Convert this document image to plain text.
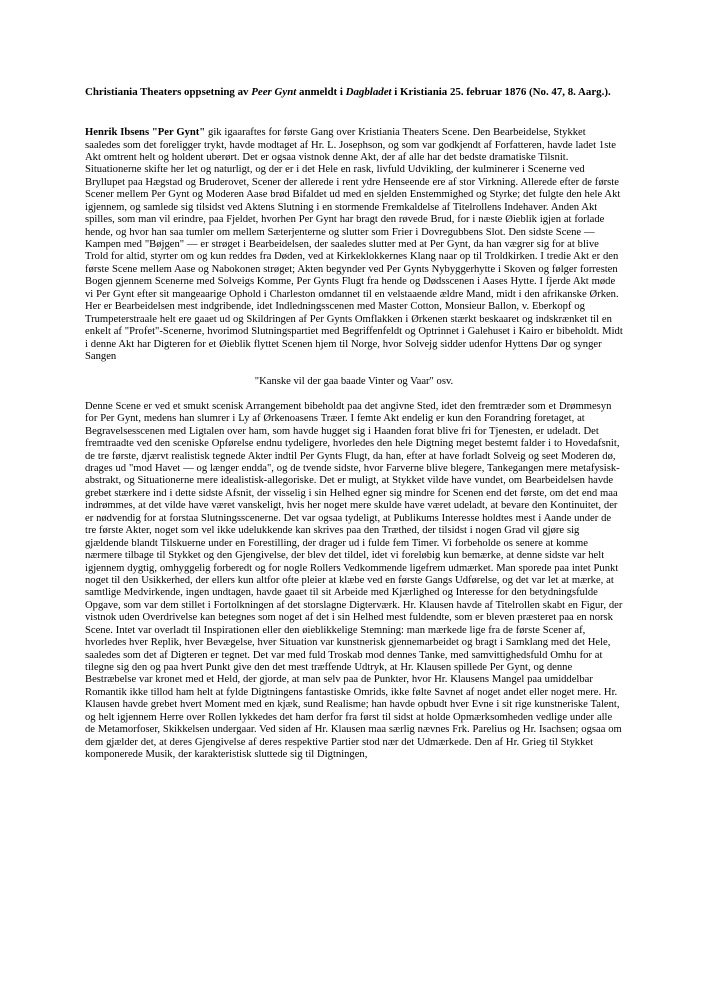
Christiania Theaters oppsetning av Peer Gynt anmeldt i Dagbladet i Kristiania 25. februar 1876 (No. 47, 8. Aarg.).

Henrik Ibsens "Per Gynt" gik igaaraftes for første Gang over Kristiania Theaters Scene. Den Bearbeidelse, Stykket saaledes som det foreligger trykt, havde modtaget af Hr. L. Josephson, og som var godkjendt af Forfatteren, havde ladet 1ste Akt omtrent helt og holdent uberørt. Det er ogsaa vistnok denne Akt, der af alle har det bedste dramatiske Tilsnit. Situationerne skifte her let og naturligt, og der er i det Hele en rask, livfuld Udvikling, der kulminerer i Scenerne ved Bryllupet paa Hægstad og Bruderovet, Scener der allerede i rent ydre Henseende ere af stor Virkning. Allerede efter de første Scener mellem Per Gynt og Moderen Aase brød Bifaldet ud med en sjelden Enstemmighed og Styrke; det fulgte den hele Akt igjennem, og samlede sig tilsidst ved Aktens Slutning i en stormende Fremkaldelse af Titelrollens Indehaver. Anden Akt spilles, som man vil erindre, paa Fjeldet, hvorhen Per Gynt har bragt den røvede Brud, for i næste Øieblik igjen at forlade hende, og hvor han saa tumler om mellem Sæterjenterne og slutter som Frier i Dovregubbens Slot. Den sidste Scene — Kampen med "Bøjgen" — er strøget i Bearbeidelsen, der saaledes slutter med at Per Gynt, da han vægrer sig for at blive Trold for altid, styrter om og kun reddes fra Døden, ved at Kirkeklokkernes Klang naar op til Troldkirken. I tredie Akt er den første Scene mellem Aase og Nabokonen strøget; Akten begynder ved Per Gynts Nybyggerhytte i Skoven og følger forresten Bogen gjennem Scenerne med Solveigs Komme, Per Gynts Flugt fra hende og Dødsscenen i Aases Hytte. I fjerde Akt møde vi Per Gynt efter sit mangeaarige Ophold i Charleston omdannet til en velstaaende ældre Mand, midt i den afrikanske Ørken. Her er Bearbeidelsen mest indgribende, idet Indledningsscenen med Master Cotton, Monsieur Ballon, v. Eberkopf og Trumpeterstraale helt ere gaaet ud og Skildringen af Per Gynts Omflakken i Ørkenen stærkt beskaaret og indskrænket til en enkelt af "Profet"-Scenerne, hvorimod Slutningspartiet med Begriffenfeldt og Optrinnet i Galehuset i Kairo er bibeholdt. Midt i denne Akt har Digteren for et Øieblik flyttet Scenen hjem til Norge, hvor Solvejg sidder udenfor Hyttens Dør og synger Sangen

"Kanske vil der gaa baade Vinter og Vaar" osv.

Denne Scene er ved et smukt scenisk Arrangement bibeholdt paa det angivne Sted, idet den fremtræder som et Drømmesyn for Per Gynt, medens han slumrer i Ly af Ørkenoasens Træer. I femte Akt endelig er kun den Forandring foretaget, at Begravelsesscenen med Ligtalen over ham, som havde hugget sig i Haanden forat blive fri for Tjenesten, er udeladt. Det fremtraadte ved den sceniske Opførelse endnu tydeligere, hvorledes den hele Digtning meget bestemt falder i to Hovedafsnit, de tre første, djærvt realistisk tegnede Akter indtil Per Gynts Flugt, da han, efter at have forladt Solveig og seet Moderen dø, drages ud "mod Havet — og længer endda", og de tvende sidste, hvor Farverne blive blegere, Tankegangen mere metafysisk-abstrakt, og Situationerne mere idealistisk-allegoriske. Det er muligt, at Stykket vilde have vundet, om Bearbeidelsen havde grebet stærkere ind i dette sidste Afsnit, der visselig i sin Helhed egner sig mindre for Scenen end det første, om det end maa indrømmes, at det vilde have været vanskeligt, hvis her noget mere skulde have været udeladt, at bevare den Kontinuitet, der er nødvendig for at forstaa Slutningsscenerne. Det var ogsaa tydeligt, at Publikums Interesse holdtes mest i Aande under de tre første Akter, noget som vel ikke udelukkende kan skrives paa den Træthed, der tilsidst i nogen Grad vil gjøre sig gjældende blandt Tilskuerne under en Forestilling, der drager ud i fulde fem Timer. Vi forbeholde os senere at komme nærmere tilbage til Stykket og den Gjengivelse, der blev det tildel, idet vi foreløbig kun bemærke, at denne sidste var helt igjennem dygtig, omhyggelig forberedt og for nogle Rollers Vedkommende ligefrem udmærket. Man sporede paa intet Punkt noget til den Usikkerhed, der ellers kun altfor ofte pleier at klæbe ved en første Gangs Udførelse, og det var let at mærke, at samtlige Medvirkende, ingen undtagen, havde gaaet til sit Arbeide med Kjærlighed og Interesse for den betydningsfulde Opgave, som var dem stillet i Fortolkningen af det storslagne Digterværk. Hr. Klausen havde af Titelrollen skabt en Figur, der vistnok uden Overdrivelse kan betegnes som noget af det i sin Helhed mest fuldendte, som er bleven præsteret paa en norsk Scene. Intet var overladt til Inspirationen eller den øieblikkelige Stemning: man mærkede lige fra de første Scener af, hvorledes hver Replik, hver Bevægelse, hver Situation var kunstnerisk gjennemarbeidet og bragt i Samklang med det Hele, saaledes som det af Digteren er tegnet. Det var med fuld Troskab mod dennes Tanke, med samvittighedsfuld Omhu for at tilegne sig den og paa hvert Punkt give den det mest træffende Udtryk, at Hr. Klausen spillede Per Gynt, og denne Bestræbelse var kronet med et Held, der gjorde, at man selv paa de Punkter, hvor Hr. Klausens Mangel paa umiddelbar Romantik ikke tillod ham helt at fylde Digtningens fantastiske Omrids, ikke følte Savnet af noget andet eller noget mere. Hr. Klausen havde grebet hvert Moment med en kjæk, sund Realisme; han havde opbudt hver Evne i sit rige kunstneriske Talent, og helt igjennem Herre over Rollen lykkedes det ham derfor fra først til sidst at holde Opmærksomheden vedlige under alle de Metamorfoser, Skikkelsen undergaar. Ved siden af Hr. Klausen maa særlig nævnes Frk. Parelius og Hr. Isachsen; ogsaa om dem gjælder det, at deres Gjengivelse af deres respektive Partier stod nær det Udmærkede. Den af Hr. Grieg til Stykket komponerede Musik, der karakteristisk sluttede sig til Digtningen,
